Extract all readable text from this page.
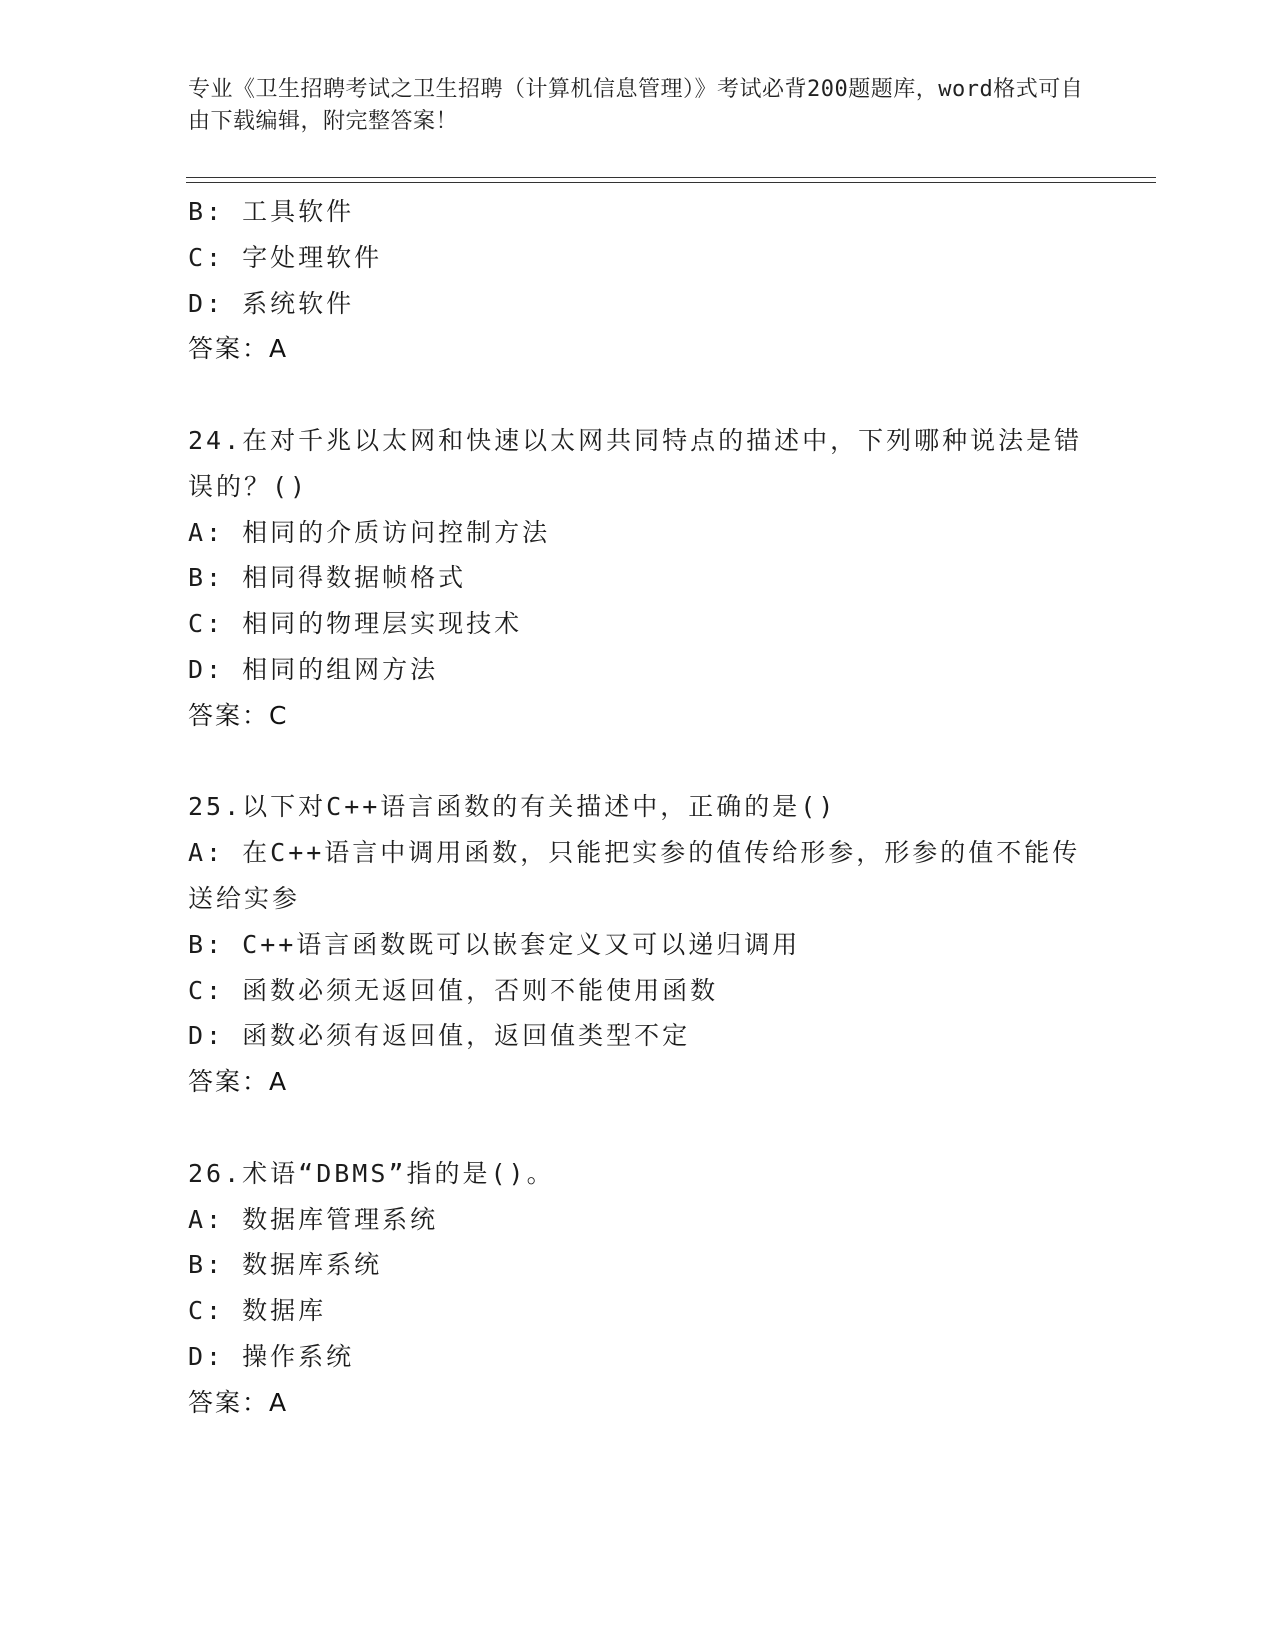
专业《卫生招聘考试之卫生招聘（计算机信息管理）》考试必背200题题库，word格式可自由下载编辑，附完整答案！
B: 工具软件
C: 字处理软件
D: 系统软件
答案：A
24.在对千兆以太网和快速以太网共同特点的描述中，下列哪种说法是错误的？()
A: 相同的介质访问控制方法
B: 相同得数据帧格式
C: 相同的物理层实现技术
D: 相同的组网方法
答案：C
25.以下对C++语言函数的有关描述中，正确的是()
A: 在C++语言中调用函数，只能把实参的值传给形参，形参的值不能传送给实参
B: C++语言函数既可以嵌套定义又可以递归调用
C: 函数必须无返回值，否则不能使用函数
D: 函数必须有返回值，返回值类型不定
答案：A
26.术语“DBMS”指的是()。
A: 数据库管理系统
B: 数据库系统
C: 数据库
D: 操作系统
答案：A
